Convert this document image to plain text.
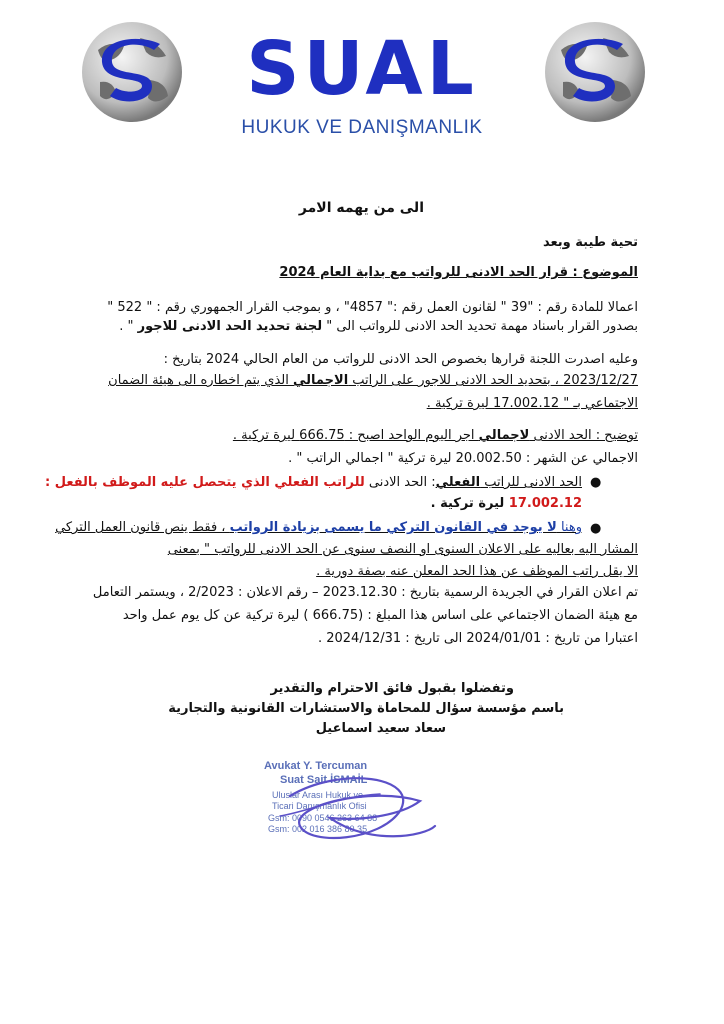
SUAL
HUKUK VE DANIŞMANLIK
الى من يهمه الامر
تحية طيبة وبعد
الموضوع : قرار الحد الادنى للرواتب مع بداية العام 2024
اعمالا للمادة رقم : "39 " لقانون العمل رقم :" 4857" ، و بموجب القرار الجمهوري رقم : " 522 "
بصدور القرار باسناد مهمة تحديد الحد الادنى للرواتب الى " لجنة تحديد الحد الادنى للاجور " .
وعليه اصدرت اللجنة قرارها بخصوص الحد الادنى للرواتب من العام الحالي 2024 بتاريخ :
2023/12/27 ، بتحديد الحد الادنى للاجور على الراتب الاجمالي الذي يتم اخطاره الى هيئة الضمان
الاجتماعي بـ " 17.002.12 ليرة تركية .
توضيح : الحد الادنى لاجمالي اجر اليوم الواحد اصبح : 666.75 ليرة تركية .
الاجمالي عن الشهر : 20.002.50 ليرة تركية " اجمالي الراتب " .
●
الحد الادنى للراتب الفعلي: الحد الادنى للراتب الفعلي الذي يتحصل عليه الموظف بالفعل :
17.002.12 ليرة تركية .
●
وهنا لا يوجد في القانون التركي ما يسمى بزيادة الرواتب ، فقط ينص قانون العمل التركي
المشار اليه بعاليه على الاعلان السنوى او النصف سنوى عن الحد الادنى للرواتب " بمعنى
الا يقل راتب الموظف عن هذا الحد المعلن عنه بصفة دورية .
تم اعلان القرار في الجريدة الرسمية بتاريخ : 2023.12.30 – رقم الاعلان : 2/2023 ، ويستمر التعامل
مع هيئة الضمان الاجتماعي على اساس هذا المبلغ : (666.75 ) ليرة تركية عن كل يوم عمل واحد
اعتبارا من تاريخ : 2024/01/01 الى تاريخ : 2024/12/31 .
وتفضلوا بقبول فائق الاحترام والتقدير
باسم مؤسسة سؤال للمحاماة والاستشارات القانونية والتجارية
سعاد سعيد اسماعيل
Avukat Y. Tercuman
Suat Sait İSMAİL
Uluslar Arası Hukuk ve
Ticari Danışmanlık Ofisi
Gsm: 0090 0546 263 64 88
Gsm: 002 016 386 80 35
